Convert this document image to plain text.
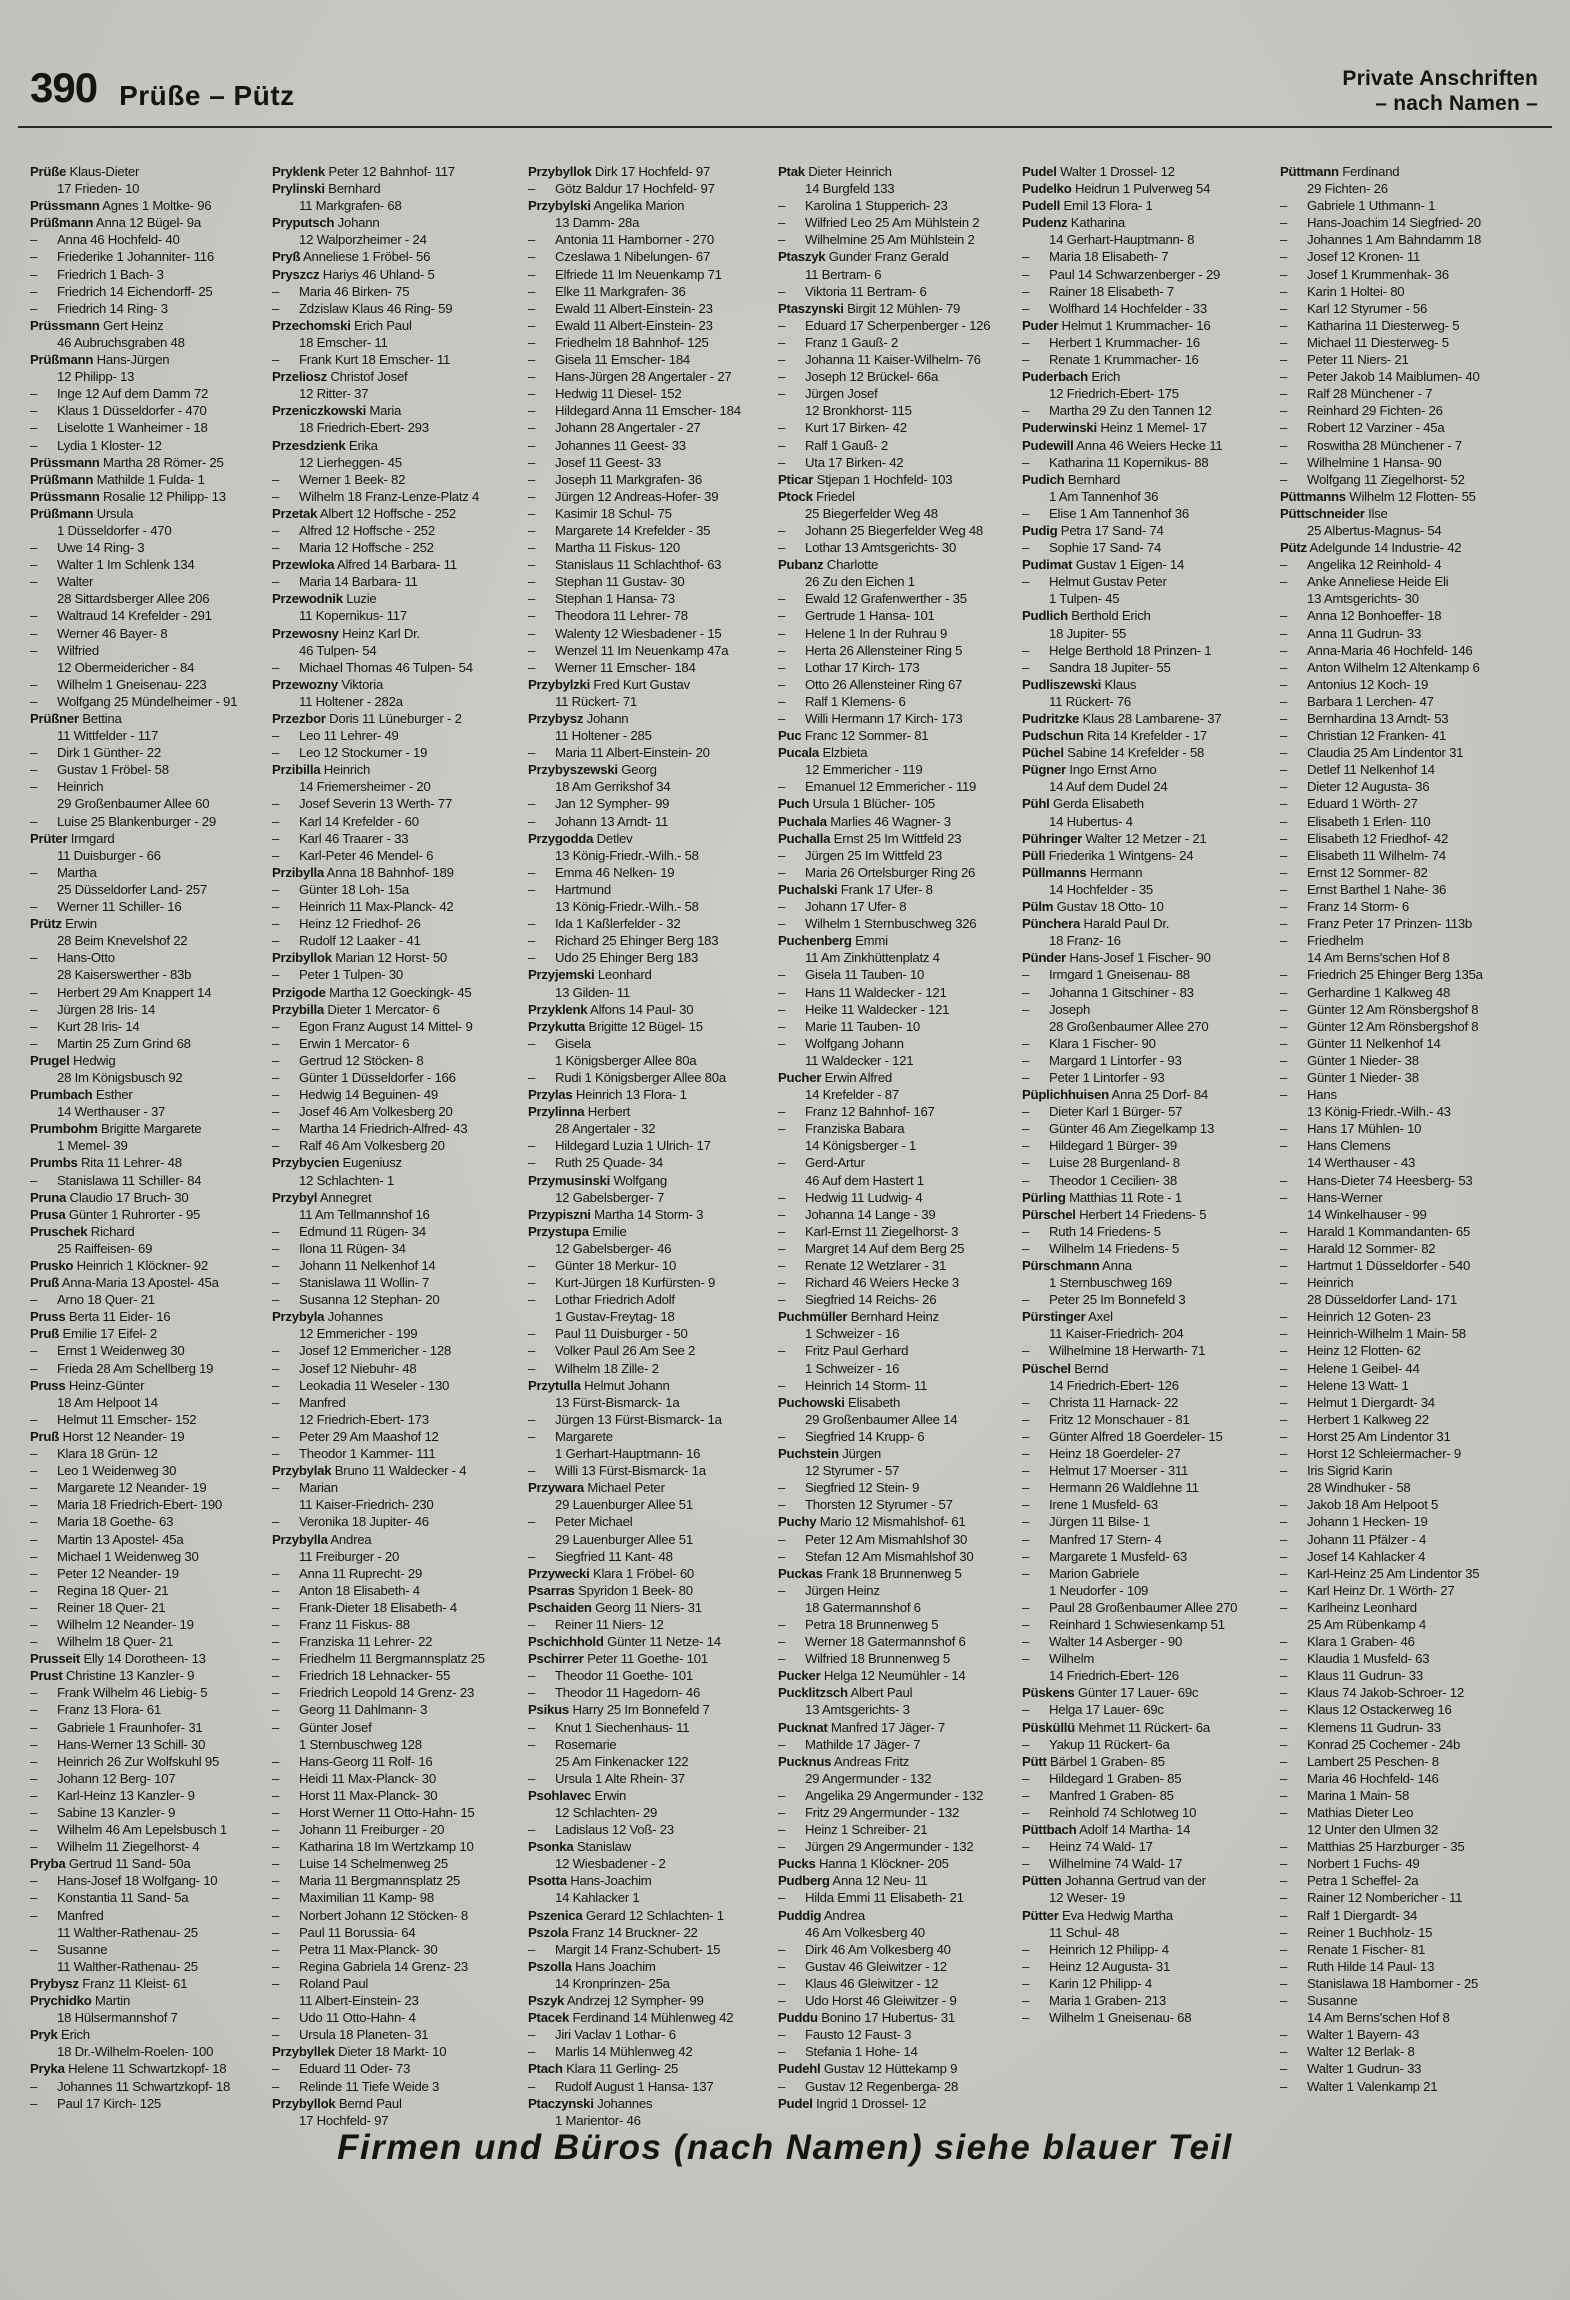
390 Prüße – Pütz
Private Anschriften
– nach Namen –
Prüße Klaus-Dieter
17 Frieden- 10
Prüssmann Agnes 1 Moltke- 96
Prüßmann Anna 12 Bügel- 9a
– Anna 46 Hochfeld- 40
– Friederike 1 Johanniter- 116
– Friedrich 1 Bach- 3
– Friedrich 14 Eichendorff- 25
– Friedrich 14 Ring- 3
Prüssmann Gert Heinz
46 Aubruchsgraben 48
Prüßmann Hans-Jürgen
12 Philipp- 13
– Inge 12 Auf dem Damm 72
– Klaus 1 Düsseldorfer - 470
– Liselotte 1 Wanheimer - 18
– Lydia 1 Kloster- 12
Prüssmann Martha 28 Römer- 25
Prüßmann Mathilde 1 Fulda- 1
Prüssmann Rosalie 12 Philipp- 13
Prüßmann Ursula
1 Düsseldorfer - 470
– Uwe 14 Ring- 3
– Walter 1 Im Schlenk 134
– Walter
28 Sittardsberger Allee 206
– Waltraud 14 Krefelder - 291
– Werner 46 Bayer- 8
– Wilfried
12 Obermeidericher - 84
– Wilhelm 1 Gneisenau- 223
– Wolfgang 25 Mündelheimer - 91
Prüßner Bettina
11 Wittfelder - 117
– Dirk 1 Günther- 22
– Gustav 1 Fröbel- 58
– Heinrich
29 Großenbaumer Allee 60
– Luise 25 Blankenburger - 29
Prüter Irmgard
11 Duisburger - 66
– Martha
25 Düsseldorfer Land- 257
– Werner 11 Schiller- 16
Prütz Erwin
28 Beim Knevelshof 22
– Hans-Otto
28 Kaiserswerther - 83b
– Herbert 29 Am Knappert 14
– Jürgen 28 Iris- 14
– Kurt 28 Iris- 14
– Martin 25 Zum Grind 68
Prugel Hedwig
28 Im Königsbusch 92
Prumbach Esther
14 Werthauser - 37
Prumbohm Brigitte Margarete
1 Memel- 39
Prumbs Rita 11 Lehrer- 48
– Stanislawa 11 Schiller- 84
Pruna Claudio 17 Bruch- 30
Prusa Günter 1 Ruhrorter - 95
Pruschek Richard
25 Raiffeisen- 69
Prusko Heinrich 1 Klöckner- 92
Pruß Anna-Maria 13 Apostel- 45a
– Arno 18 Quer- 21
Pruss Berta 11 Eider- 16
Pruß Emilie 17 Eifel- 2
– Ernst 1 Weidenweg 30
– Frieda 28 Am Schellberg 19
Pruss Heinz-Günter
18 Am Helpoot 14
– Helmut 11 Emscher- 152
Pruß Horst 12 Neander- 19
– Klara 18 Grün- 12
– Leo 1 Weidenweg 30
– Margarete 12 Neander- 19
– Maria 18 Friedrich-Ebert- 190
– Maria 18 Goethe- 63
– Martin 13 Apostel- 45a
– Michael 1 Weidenweg 30
– Peter 12 Neander- 19
– Regina 18 Quer- 21
– Reiner 18 Quer- 21
– Wilhelm 12 Neander- 19
– Wilhelm 18 Quer- 21
Prusseit Elly 14 Dorotheen- 13
Prust Christine 13 Kanzler- 9
– Frank Wilhelm 46 Liebig- 5
– Franz 13 Flora- 61
– Gabriele 1 Fraunhofer- 31
– Hans-Werner 13 Schill- 30
– Heinrich 26 Zur Wolfskuhl 95
– Johann 12 Berg- 107
– Karl-Heinz 13 Kanzler- 9
– Sabine 13 Kanzler- 9
– Wilhelm 46 Am Lepelsbusch 1
– Wilhelm 11 Ziegelhorst- 4
Pryba Gertrud 11 Sand- 50a
– Hans-Josef 18 Wolfgang- 10
– Konstantia 11 Sand- 5a
– Manfred
11 Walther-Rathenau- 25
– Susanne
11 Walther-Rathenau- 25
Prybysz Franz 11 Kleist- 61
Prychidko Martin
18 Hülsermannshof 7
Pryk Erich
18 Dr.-Wilhelm-Roelen- 100
Pryka Helene 11 Schwartzkopf- 18
– Johannes 11 Schwartzkopf- 18
– Paul 17 Kirch- 125
Pryklenk Peter 12 Bahnhof- 117
Prylinski Bernhard
11 Markgrafen- 68
Pryputsch Johann
12 Walporzheimer - 24
Pryß Anneliese 1 Fröbel- 56
Pryszcz Hariys 46 Uhland- 5
– Maria 46 Birken- 75
– Zdzislaw Klaus 46 Ring- 59
Przechomski Erich Paul
18 Emscher- 11
– Frank Kurt 18 Emscher- 11
Przeliosz Christof Josef
12 Ritter- 37
Przeniczkowski Maria
18 Friedrich-Ebert- 293
Przesdzienk Erika
12 Lierheggen- 45
– Werner 1 Beek- 82
– Wilhelm 18 Franz-Lenze-Platz 4
Przetak Albert 12 Hoffsche - 252
– Alfred 12 Hoffsche - 252
– Maria 12 Hoffsche - 252
Przewloka Alfred 14 Barbara- 11
– Maria 14 Barbara- 11
Przewodnik Luzie
11 Kopernikus- 117
Przewosny Heinz Karl Dr.
46 Tulpen- 54
– Michael Thomas 46 Tulpen- 54
Przewozny Viktoria
11 Holtener - 282a
Przezbor Doris 11 Lüneburger - 2
– Leo 11 Lehrer- 49
– Leo 12 Stockumer - 19
Przibilla Heinrich
14 Friemersheimer - 20
– Josef Severin 13 Werth- 77
– Karl 14 Krefelder - 60
– Karl 46 Traarer - 33
– Karl-Peter 46 Mendel- 6
Przibylla Anna 18 Bahnhof- 189
– Günter 18 Loh- 15a
– Heinrich 11 Max-Planck- 42
– Heinz 12 Friedhof- 26
– Rudolf 12 Laaker - 41
Przibyllok Marian 12 Horst- 50
– Peter 1 Tulpen- 30
Przigode Martha 12 Goeckingk- 45
Przybilla Dieter 1 Mercator- 6
– Egon Franz August 14 Mittel- 9
– Erwin 1 Mercator- 6
– Gertrud 12 Stöcken- 8
– Günter 1 Düsseldorfer - 166
– Hedwig 14 Beguinen- 49
– Josef 46 Am Volkesberg 20
– Martha 14 Friedrich-Alfred- 43
– Ralf 46 Am Volkesberg 20
Przybycien Eugeniusz
12 Schlachten- 1
Przybyl Annegret
11 Am Tellmannshof 16
– Edmund 11 Rügen- 34
– Ilona 11 Rügen- 34
– Johann 11 Nelkenhof 14
– Stanislawa 11 Wollin- 7
– Susanna 12 Stephan- 20
Przybyla Johannes
12 Emmericher - 199
– Josef 12 Emmericher - 128
– Josef 12 Niebuhr- 48
– Leokadia 11 Weseler - 130
– Manfred
12 Friedrich-Ebert- 173
– Peter 29 Am Maashof 12
– Theodor 1 Kammer- 111
Przybylak Bruno 11 Waldecker - 4
– Marian
11 Kaiser-Friedrich- 230
– Veronika 18 Jupiter- 46
Przybylla Andrea
11 Freiburger - 20
– Anna 11 Ruprecht- 29
– Anton 18 Elisabeth- 4
– Frank-Dieter 18 Elisabeth- 4
– Franz 11 Fiskus- 88
– Franziska 11 Lehrer- 22
– Friedhelm 11 Bergmannsplatz 25
– Friedrich 18 Lehnacker- 55
– Friedrich Leopold 14 Grenz- 23
– Georg 11 Dahlmann- 3
– Günter Josef
1 Sternbuschweg 128
– Hans-Georg 11 Rolf- 16
– Heidi 11 Max-Planck- 30
– Horst 11 Max-Planck- 30
– Horst Werner 11 Otto-Hahn- 15
– Johann 11 Freiburger - 20
– Katharina 18 Im Wertzkamp 10
– Luise 14 Schelmenweg 25
– Maria 11 Bergmannsplatz 25
– Maximilian 11 Kamp- 98
– Norbert Johann 12 Stöcken- 8
– Paul 11 Borussia- 64
– Petra 11 Max-Planck- 30
– Regina Gabriela 14 Grenz- 23
– Roland Paul
11 Albert-Einstein- 23
– Udo 11 Otto-Hahn- 4
– Ursula 18 Planeten- 31
Przybyllek Dieter 18 Markt- 10
– Eduard 11 Oder- 73
– Relinde 11 Tiefe Weide 3
Przybyllok Bernd Paul
17 Hochfeld- 97
Przybyllok Dirk 17 Hochfeld- 97
– Götz Baldur 17 Hochfeld- 97
Przybylski Angelika Marion
13 Damm- 28a
– Antonia 11 Hamborner - 270
– Czeslawa 1 Nibelungen- 67
– Elfriede 11 Im Neuenkamp 71
– Elke 11 Markgrafen- 36
– Ewald 11 Albert-Einstein- 23
– Ewald 11 Albert-Einstein- 23
– Friedhelm 18 Bahnhof- 125
– Gisela 11 Emscher- 184
– Hans-Jürgen 28 Angertaler - 27
– Hedwig 11 Diesel- 152
– Hildegard Anna 11 Emscher- 184
– Johann 28 Angertaler - 27
– Johannes 11 Geest- 33
– Josef 11 Geest- 33
– Joseph 11 Markgrafen- 36
– Jürgen 12 Andreas-Hofer- 39
– Kasimir 18 Schul- 75
– Margarete 14 Krefelder - 35
– Martha 11 Fiskus- 120
– Stanislaus 11 Schlachthof- 63
– Stephan 11 Gustav- 30
– Stephan 1 Hansa- 73
– Theodora 11 Lehrer- 78
– Walenty 12 Wiesbadener - 15
– Wenzel 11 Im Neuenkamp 47a
– Werner 11 Emscher- 184
Przybylzki Fred Kurt Gustav
11 Rückert- 71
Przybysz Johann
11 Holtener - 285
– Maria 11 Albert-Einstein- 20
Przybyszewski Georg
18 Am Gerrikshof 34
– Jan 12 Sympher- 99
– Johann 13 Arndt- 11
Przygodda Detlev
13 König-Friedr.-Wilh.- 58
– Emma 46 Nelken- 19
– Hartmund
13 König-Friedr.-Wilh.- 58
– Ida 1 Kaßlerfelder - 32
– Richard 25 Ehinger Berg 183
– Udo 25 Ehinger Berg 183
Przyjemski Leonhard
13 Gilden- 11
Przyklenk Alfons 14 Paul- 30
Przykutta Brigitte 12 Bügel- 15
– Gisela
1 Königsberger Allee 80a
– Rudi 1 Königsberger Allee 80a
Przylas Heinrich 13 Flora- 1
Przylinna Herbert
28 Angertaler - 32
– Hildegard Luzia 1 Ulrich- 17
– Ruth 25 Quade- 34
Przymusinski Wolfgang
12 Gabelsberger- 7
Przypiszni Martha 14 Storm- 3
Przystupa Emilie
12 Gabelsberger- 46
– Günter 18 Merkur- 10
– Kurt-Jürgen 18 Kurfürsten- 9
– Lothar Friedrich Adolf
1 Gustav-Freytag- 18
– Paul 11 Duisburger - 50
– Volker Paul 26 Am See 2
– Wilhelm 18 Zille- 2
Przytulla Helmut Johann
13 Fürst-Bismarck- 1a
– Jürgen 13 Fürst-Bismarck- 1a
– Margarete
1 Gerhart-Hauptmann- 16
– Willi 13 Fürst-Bismarck- 1a
Przywara Michael Peter
29 Lauenburger Allee 51
– Peter Michael
29 Lauenburger Allee 51
– Siegfried 11 Kant- 48
Przywecki Klara 1 Fröbel- 60
Psarras Spyridon 1 Beek- 80
Pschaiden Georg 11 Niers- 31
– Reiner 11 Niers- 12
Pschichhold Günter 11 Netze- 14
Pschirrer Peter 11 Goethe- 101
– Theodor 11 Goethe- 101
– Theodor 11 Hagedorn- 46
Psikus Harry 25 Im Bonnefeld 7
– Knut 1 Siechenhaus- 11
– Rosemarie
25 Am Finkenacker 122
– Ursula 1 Alte Rhein- 37
Psohlavec Erwin
12 Schlachten- 29
– Ladislaus 12 Voß- 23
Psonka Stanislaw
12 Wiesbadener - 2
Psotta Hans-Joachim
14 Kahlacker 1
Pszenica Gerard 12 Schlachten- 1
Pszola Franz 14 Bruckner- 22
– Margit 14 Franz-Schubert- 15
Pszolla Hans Joachim
14 Kronprinzen- 25a
Pszyk Andrzej 12 Sympher- 99
Ptacek Ferdinand 14 Mühlenweg 42
– Jiri Vaclav 1 Lothar- 6
– Marlis 14 Mühlenweg 42
Ptach Klara 11 Gerling- 25
– Rudolf August 1 Hansa- 137
Ptaczynski Johannes
1 Marientor- 46
Ptak Dieter Heinrich
14 Burgfeld 133
– Karolina 1 Stupperich- 23
– Wilfried Leo 25 Am Mühlstein 2
– Wilhelmine 25 Am Mühlstein 2
Ptaszyk Gunder Franz Gerald
11 Bertram- 6
– Viktoria 11 Bertram- 6
Ptaszynski Birgit 12 Mühlen- 79
– Eduard 17 Scherpenberger - 126
– Franz 1 Gauß- 2
– Johanna 11 Kaiser-Wilhelm- 76
– Joseph 12 Brückel- 66a
– Jürgen Josef
12 Bronkhorst- 115
– Kurt 17 Birken- 42
– Ralf 1 Gauß- 2
– Uta 17 Birken- 42
Pticar Stjepan 1 Hochfeld- 103
Ptock Friedel
25 Biegerfelder Weg 48
– Johann 25 Biegerfelder Weg 48
– Lothar 13 Amtsgerichts- 30
Pubanz Charlotte
26 Zu den Eichen 1
– Ewald 12 Grafenwerther - 35
– Gertrude 1 Hansa- 101
– Helene 1 In der Ruhrau 9
– Herta 26 Allensteiner Ring 5
– Lothar 17 Kirch- 173
– Otto 26 Allensteiner Ring 67
– Ralf 1 Klemens- 6
– Willi Hermann 17 Kirch- 173
Puc Franc 12 Sommer- 81
Pucala Elzbieta
12 Emmericher - 119
– Emanuel 12 Emmericher - 119
Puch Ursula 1 Blücher- 105
Puchala Marlies 46 Wagner- 3
Puchalla Ernst 25 Im Wittfeld 23
– Jürgen 25 Im Wittfeld 23
– Maria 26 Ortelsburger Ring 26
Puchalski Frank 17 Ufer- 8
– Johann 17 Ufer- 8
– Wilhelm 1 Sternbuschweg 326
Puchenberg Emmi
11 Am Zinkhüttenplatz 4
– Gisela 11 Tauben- 10
– Hans 11 Waldecker - 121
– Heike 11 Waldecker - 121
– Marie 11 Tauben- 10
– Wolfgang Johann
11 Waldecker - 121
Pucher Erwin Alfred
14 Krefelder - 87
– Franz 12 Bahnhof- 167
– Franziska Babara
14 Königsberger - 1
– Gerd-Artur
46 Auf dem Hastert 1
– Hedwig 11 Ludwig- 4
– Johanna 14 Lange - 39
– Karl-Ernst 11 Ziegelhorst- 3
– Margret 14 Auf dem Berg 25
– Renate 12 Wetzlarer - 31
– Richard 46 Weiers Hecke 3
– Siegfried 14 Reichs- 26
Puchmüller Bernhard Heinz
1 Schweizer - 16
– Fritz Paul Gerhard
1 Schweizer - 16
– Heinrich 14 Storm- 11
Puchowski Elisabeth
29 Großenbaumer Allee 14
– Siegfried 14 Krupp- 6
Puchstein Jürgen
12 Styrumer - 57
– Siegfried 12 Stein- 9
– Thorsten 12 Styrumer - 57
Puchy Mario 12 Mismahlshof- 61
– Peter 12 Am Mismahlshof 30
– Stefan 12 Am Mismahlshof 30
Puckas Frank 18 Brunnenweg 5
– Jürgen Heinz
18 Gatermannshof 6
– Petra 18 Brunnenweg 5
– Werner 18 Gatermannshof 6
– Wilfried 18 Brunnenweg 5
Pucker Helga 12 Neumühler - 14
Pucklitzsch Albert Paul
13 Amtsgerichts- 3
Pucknat Manfred 17 Jäger- 7
– Mathilde 17 Jäger- 7
Pucknus Andreas Fritz
29 Angermunder - 132
– Angelika 29 Angermunder - 132
– Fritz 29 Angermunder - 132
– Heinz 1 Schreiber- 21
– Jürgen 29 Angermunder - 132
Pucks Hanna 1 Klöckner- 205
Pudberg Anna 12 Neu- 11
– Hilda Emmi 11 Elisabeth- 21
Puddig Andrea
46 Am Volkesberg 40
– Dirk 46 Am Volkesberg 40
– Gustav 46 Gleiwitzer - 12
– Klaus 46 Gleiwitzer - 12
– Udo Horst 46 Gleiwitzer - 9
Puddu Bonino 17 Hubertus- 31
– Fausto 12 Faust- 3
– Stefania 1 Hohe- 14
Pudehl Gustav 12 Hüttekamp 9
– Gustav 12 Regenberga- 28
Pudel Ingrid 1 Drossel- 12
Pudel Walter 1 Drossel- 12
Pudelko Heidrun 1 Pulverweg 54
Pudell Emil 13 Flora- 1
Pudenz Katharina
14 Gerhart-Hauptmann- 8
– Maria 18 Elisabeth- 7
– Paul 14 Schwarzenberger - 29
– Rainer 18 Elisabeth- 7
– Wolfhard 14 Hochfelder - 33
Puder Helmut 1 Krummacher- 16
– Herbert 1 Krummacher- 16
– Renate 1 Krummacher- 16
Puderbach Erich
12 Friedrich-Ebert- 175
– Martha 29 Zu den Tannen 12
Puderwinski Heinz 1 Memel- 17
Pudewill Anna 46 Weiers Hecke 11
– Katharina 11 Kopernikus- 88
Pudich Bernhard
1 Am Tannenhof 36
– Elise 1 Am Tannenhof 36
Pudig Petra 17 Sand- 74
– Sophie 17 Sand- 74
Pudimat Gustav 1 Eigen- 14
– Helmut Gustav Peter
1 Tulpen- 45
Pudlich Berthold Erich
18 Jupiter- 55
– Helge Berthold 18 Prinzen- 1
– Sandra 18 Jupiter- 55
Pudliszewski Klaus
11 Rückert- 76
Pudritzke Klaus 28 Lambarene- 37
Pudschun Rita 14 Krefelder - 17
Püchel Sabine 14 Krefelder - 58
Pügner Ingo Ernst Arno
14 Auf dem Dudel 24
Pühl Gerda Elisabeth
14 Hubertus- 4
Pühringer Walter 12 Metzer - 21
Püll Friederika 1 Wintgens- 24
Püllmanns Hermann
14 Hochfelder - 35
Pülm Gustav 18 Otto- 10
Pünchera Harald Paul Dr.
18 Franz- 16
Pünder Hans-Josef 1 Fischer- 90
– Irmgard 1 Gneisenau- 88
– Johanna 1 Gitschiner - 83
– Joseph
28 Großenbaumer Allee 270
– Klara 1 Fischer- 90
– Margard 1 Lintorfer - 93
– Peter 1 Lintorfer - 93
Püplichhuisen Anna 25 Dorf- 84
– Dieter Karl 1 Bürger- 57
– Günter 46 Am Ziegelkamp 13
– Hildegard 1 Bürger- 39
– Luise 28 Burgenland- 8
– Theodor 1 Cecilien- 38
Pürling Matthias 11 Rote - 1
Pürschel Herbert 14 Friedens- 5
– Ruth 14 Friedens- 5
– Wilhelm 14 Friedens- 5
Pürschmann Anna
1 Sternbuschweg 169
– Peter 25 Im Bonnefeld 3
Pürstinger Axel
11 Kaiser-Friedrich- 204
– Wilhelmine 18 Herwarth- 71
Püschel Bernd
14 Friedrich-Ebert- 126
– Christa 11 Harnack- 22
– Fritz 12 Monschauer - 81
– Günter Alfred 18 Goerdeler- 15
– Heinz 18 Goerdeler- 27
– Helmut 17 Moerser - 311
– Hermann 26 Waldlehne 11
– Irene 1 Musfeld- 63
– Jürgen 11 Bilse- 1
– Manfred 17 Stern- 4
– Margarete 1 Musfeld- 63
– Marion Gabriele
1 Neudorfer - 109
– Paul 28 Großenbaumer Allee 270
– Reinhard 1 Schwiesenkamp 51
– Walter 14 Asberger - 90
– Wilhelm
14 Friedrich-Ebert- 126
Püskens Günter 17 Lauer- 69c
– Helga 17 Lauer- 69c
Püsküllü Mehmet 11 Rückert- 6a
– Yakup 11 Rückert- 6a
Pütt Bärbel 1 Graben- 85
– Hildegard 1 Graben- 85
– Manfred 1 Graben- 85
– Reinhold 74 Schlotweg 10
Püttbach Adolf 14 Martha- 14
– Heinz 74 Wald- 17
– Wilhelmine 74 Wald- 17
Pütten Johanna Gertrud van der
12 Weser- 19
Pütter Eva Hedwig Martha
11 Schul- 48
– Heinrich 12 Philipp- 4
– Heinz 12 Augusta- 31
– Karin 12 Philipp- 4
– Maria 1 Graben- 213
– Wilhelm 1 Gneisenau- 68
Püttmann Ferdinand
29 Fichten- 26
– Gabriele 1 Uthmann- 1
– Hans-Joachim 14 Siegfried- 20
– Johannes 1 Am Bahndamm 18
– Josef 12 Kronen- 11
– Josef 1 Krummenhak- 36
– Karin 1 Holtei- 80
– Karl 12 Styrumer - 56
– Katharina 11 Diesterweg- 5
– Michael 11 Diesterweg- 5
– Peter 11 Niers- 21
– Peter Jakob 14 Maiblumen- 40
– Ralf 28 Münchener - 7
– Reinhard 29 Fichten- 26
– Robert 12 Varziner - 45a
– Roswitha 28 Münchener - 7
– Wilhelmine 1 Hansa- 90
– Wolfgang 11 Ziegelhorst- 52
Püttmanns Wilhelm 12 Flotten- 55
Püttschneider Ilse
25 Albertus-Magnus- 54
Pütz Adelgunde 14 Industrie- 42
– Angelika 12 Reinhold- 4
– Anke Anneliese Heide Eli
13 Amtsgerichts- 30
– Anna 12 Bonhoeffer- 18
– Anna 11 Gudrun- 33
– Anna-Maria 46 Hochfeld- 146
– Anton Wilhelm 12 Altenkamp 6
– Antonius 12 Koch- 19
– Barbara 1 Lerchen- 47
– Bernhardina 13 Arndt- 53
– Christian 12 Franken- 41
– Claudia 25 Am Lindentor 31
– Detlef 11 Nelkenhof 14
– Dieter 12 Augusta- 36
– Eduard 1 Wörth- 27
– Elisabeth 1 Erlen- 110
– Elisabeth 12 Friedhof- 42
– Elisabeth 11 Wilhelm- 74
– Ernst 12 Sommer- 82
– Ernst Barthel 1 Nahe- 36
– Franz 14 Storm- 6
– Franz Peter 17 Prinzen- 113b
– Friedhelm
14 Am Berns'schen Hof 8
– Friedrich 25 Ehinger Berg 135a
– Gerhardine 1 Kalkweg 48
– Günter 12 Am Rönsbergshof 8
– Günter 12 Am Rönsbergshof 8
– Günter 11 Nelkenhof 14
– Günter 1 Nieder- 38
– Günter 1 Nieder- 38
– Hans
13 König-Friedr.-Wilh.- 43
– Hans 17 Mühlen- 10
– Hans Clemens
14 Werthauser - 43
– Hans-Dieter 74 Heesberg- 53
– Hans-Werner
14 Winkelhauser - 99
– Harald 1 Kommandanten- 65
– Harald 12 Sommer- 82
– Hartmut 1 Düsseldorfer - 540
– Heinrich
28 Düsseldorfer Land- 171
– Heinrich 12 Goten- 23
– Heinrich-Wilhelm 1 Main- 58
– Heinz 12 Flotten- 62
– Helene 1 Geibel- 44
– Helene 13 Watt- 1
– Helmut 1 Diergardt- 34
– Herbert 1 Kalkweg 22
– Horst 25 Am Lindentor 31
– Horst 12 Schleiermacher- 9
– Iris Sigrid Karin
28 Windhuker - 58
– Jakob 18 Am Helpoot 5
– Johann 1 Hecken- 19
– Johann 11 Pfälzer - 4
– Josef 14 Kahlacker 4
– Karl-Heinz 25 Am Lindentor 35
– Karl Heinz Dr. 1 Wörth- 27
– Karlheinz Leonhard
25 Am Rübenkamp 4
– Klara 1 Graben- 46
– Klaudia 1 Musfeld- 63
– Klaus 11 Gudrun- 33
– Klaus 74 Jakob-Schroer- 12
– Klaus 12 Ostackerweg 16
– Klemens 11 Gudrun- 33
– Konrad 25 Cochemer - 24b
– Lambert 25 Peschen- 8
– Maria 46 Hochfeld- 146
– Marina 1 Main- 58
– Mathias Dieter Leo
12 Unter den Ulmen 32
– Matthias 25 Harzburger - 35
– Norbert 1 Fuchs- 49
– Petra 1 Scheffel- 2a
– Rainer 12 Nombericher - 11
– Ralf 1 Diergardt- 34
– Reiner 1 Buchholz- 15
– Renate 1 Fischer- 81
– Ruth Hilde 14 Paul- 13
– Stanislawa 18 Hamborner - 25
– Susanne
14 Am Berns'schen Hof 8
– Walter 1 Bayern- 43
– Walter 12 Berlak- 8
– Walter 1 Gudrun- 33
– Walter 1 Valenkamp 21
Firmen und Büros (nach Namen) siehe blauer Teil
